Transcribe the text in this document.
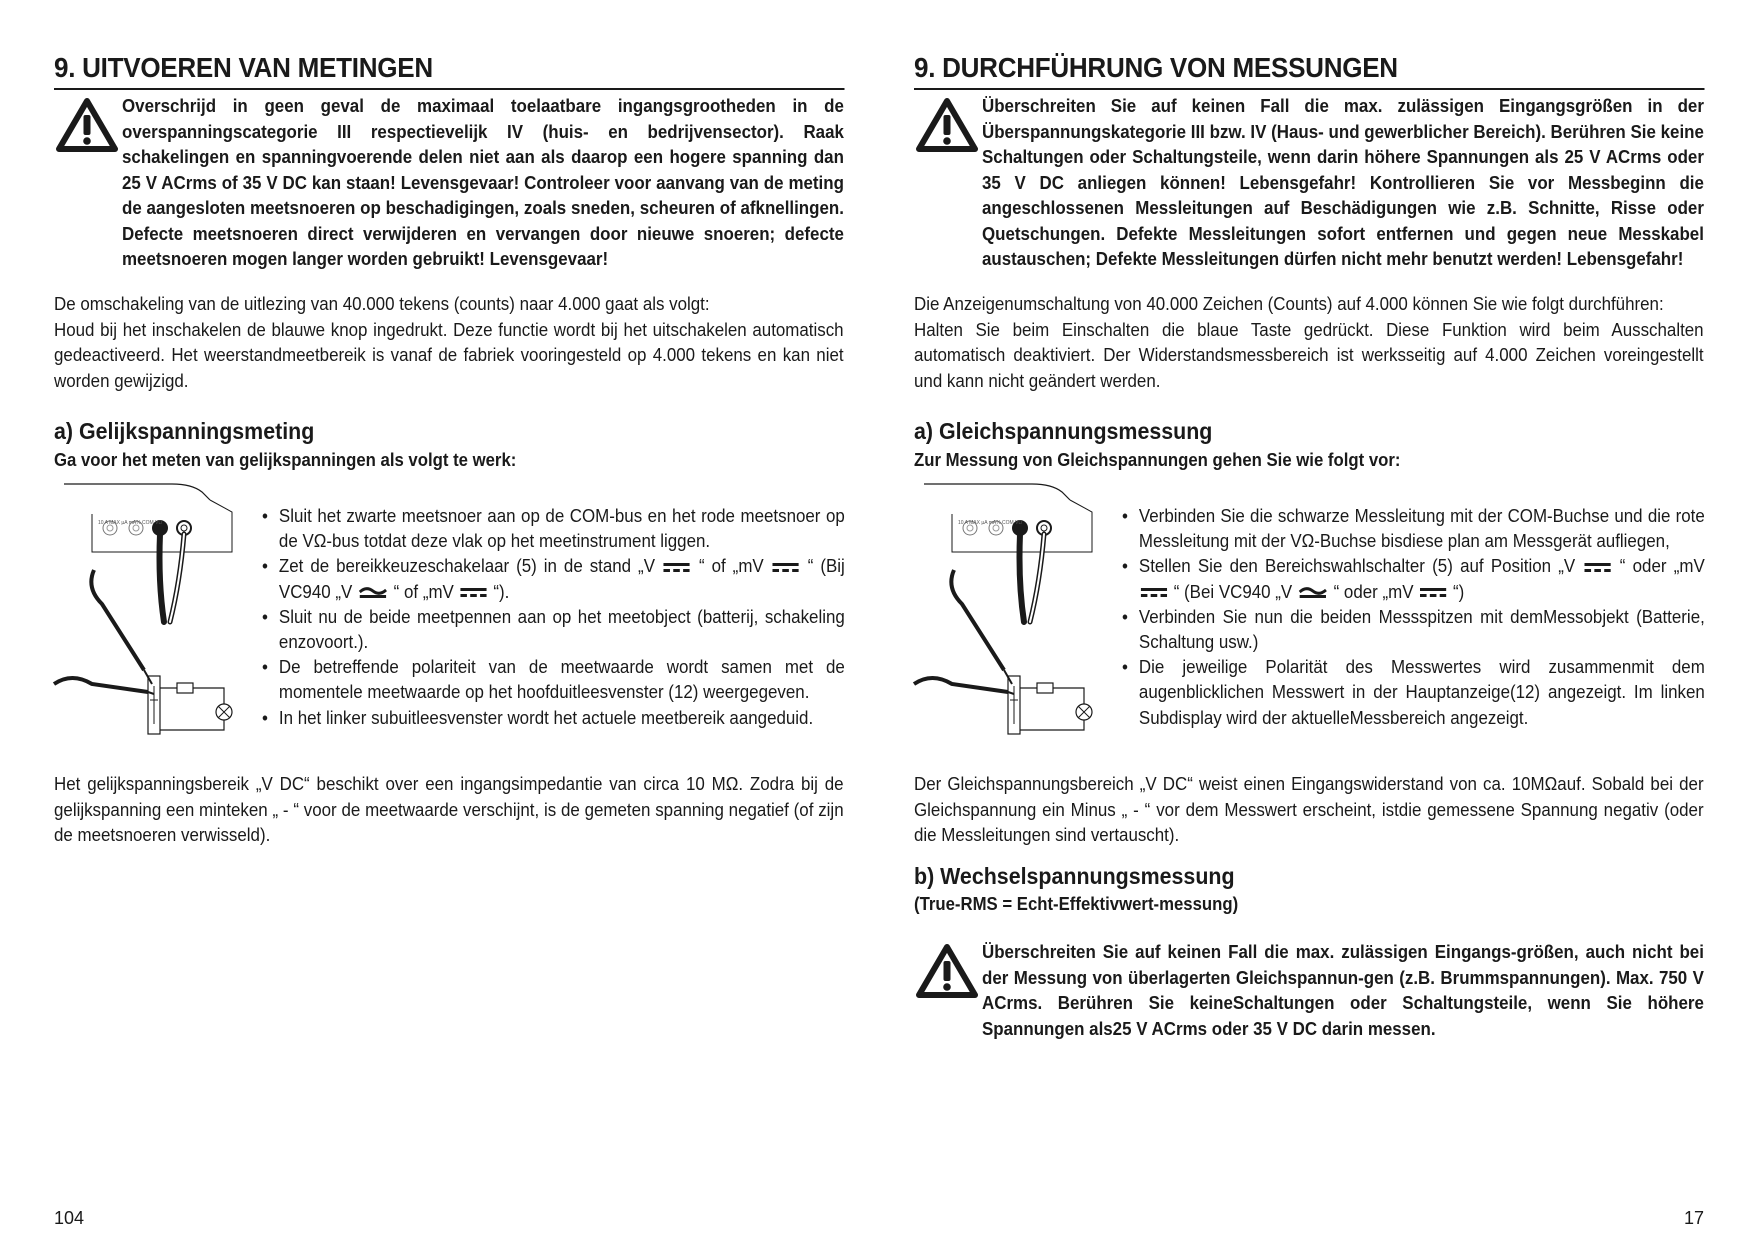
9. UITVOEREN VAN METINGEN
Overschrijd in geen geval de maximaal toelaatbare ingangsgrootheden in de overspanningscategorie III respectievelijk IV (huis- en bedrijvensector). Raak schakelingen en spanningvoerende delen niet aan als daarop een hogere spanning dan 25 V ACrms of 35 V DC kan staan! Levensgevaar! Controleer voor aanvang van de meting de aangesloten meetsnoeren op beschadigingen, zoals sneden, scheuren of afknellingen. Defecte meetsnoeren direct verwijderen en vervangen door nieuwe snoeren; defecte meetsnoeren mogen langer worden gebruikt! Levensgevaar!

De omschakeling van de uitlezing van 40.000 tekens (counts) naar 4.000 gaat als volgt:

Houd bij het inschakelen de blauwe knop ingedrukt. Deze functie wordt bij het uitschakelen automatisch gedeactiveerd. Het weerstandmeetbereik is vanaf de fabriek vooringesteld op 4.000 tekens en kan niet worden gewijzigd.

a) Gelijkspanningsmeting
Ga voor het meten van gelijkspanningen als volgt te werk:
10 A MAX µA mA% COM VΩ	• Sluit het zwarte meetsnoer aan op de COM-bus en het rode meetsnoer op de VΩ-bus totdat deze vlak op het meetinstrument liggen.
• Zet de bereikkeuzeschakelaar (5) in de stand „V “ of „mV “ (Bij VC940 „V “ of „mV “).
• Sluit nu de beide meetpennen aan op het meetobject (batterij, schakeling enzovoort.).
• De betreffende polariteit van de meetwaarde wordt samen met de momentele meetwaarde op het hoofduitleesvenster (12) weergegeven.
• In het linker subuitleesvenster wordt het actuele meetbereik aangeduid.

Het gelijkspanningsbereik „V DC“ beschikt over een ingangsimpedantie van circa 10 MΩ. Zodra bij de gelijkspanning een minteken „ - “ voor de meetwaarde verschijnt, is de gemeten spanning negatief (of zijn de meetsnoeren verwisseld).

104
9. DURCHFÜHRUNG VON MESSUNGEN
Überschreiten Sie auf keinen Fall die max. zulässigen Eingangsgrößen in der Überspannungskategorie III bzw. IV (Haus- und gewerblicher Bereich). Berühren Sie keine Schaltungen oder Schaltungsteile, wenn darin höhere Spannungen als 25 V ACrms oder 35 V DC anliegen können! Lebensgefahr! Kontrollieren Sie vor Messbeginn die angeschlossenen Messleitungen auf Beschädigungen wie z.B. Schnitte, Risse oder Quetschungen. Defekte Messleitungen sofort entfernen und gegen neue Messkabel austauschen; Defekte Messleitungen dürfen nicht mehr benutzt werden! Lebensgefahr!

Die Anzeigenumschaltung von 40.000 Zeichen (Counts) auf 4.000 können Sie wie folgt durchführen:

Halten Sie beim Einschalten die blaue Taste gedrückt. Diese Funktion wird beim Ausschalten automatisch deaktiviert. Der Widerstandsmessbereich ist werksseitig auf 4.000 Zeichen voreingestellt und kann nicht geändert werden.

a) Gleichspannungsmessung
Zur Messung von Gleichspannungen gehen Sie wie folgt vor:
10 A MAX µA mA% COM VΩ	• Verbinden Sie die schwarze Messleitung mit der COM-Buchse und die rote Messleitung mit der VΩ-Buchse bisdiese plan am Messgerät aufliegen,
• Stellen Sie den Bereichswahlschalter (5) auf Position „V “ oder „mV  “ (Bei VC940 „V “ oder „mV “)
• Verbinden Sie nun die beiden Messspitzen mit demMessobjekt (Batterie, Schaltung usw.)
• Die jeweilige Polarität des Messwertes wird zusammenmit dem augenblicklichen Messwert in der Hauptanzeige(12) angezeigt. Im linken Subdisplay wird der aktuelleMessbereich angezeigt.

Der Gleichspannungsbereich „V DC“ weist einen Eingangswiderstand von ca. 10MΩauf. Sobald bei der Gleichspannung ein Minus „ - “ vor dem Messwert erscheint, istdie gemessene Spannung negativ (oder die Messleitungen sind vertauscht).

b) Wechselspannungsmessung
(True-RMS = Echt-Effektivwert-messung)
Überschreiten Sie auf keinen Fall die max. zulässigen Eingangs-größen, auch nicht bei der Messung von überlagerten Gleichspannun-gen (z.B. Brummspannungen). Max. 750 V ACrms. Berühren Sie keineSchaltungen oder Schaltungsteile, wenn Sie höhere Spannungen als25 V ACrms oder 35 V DC darin messen.
17
